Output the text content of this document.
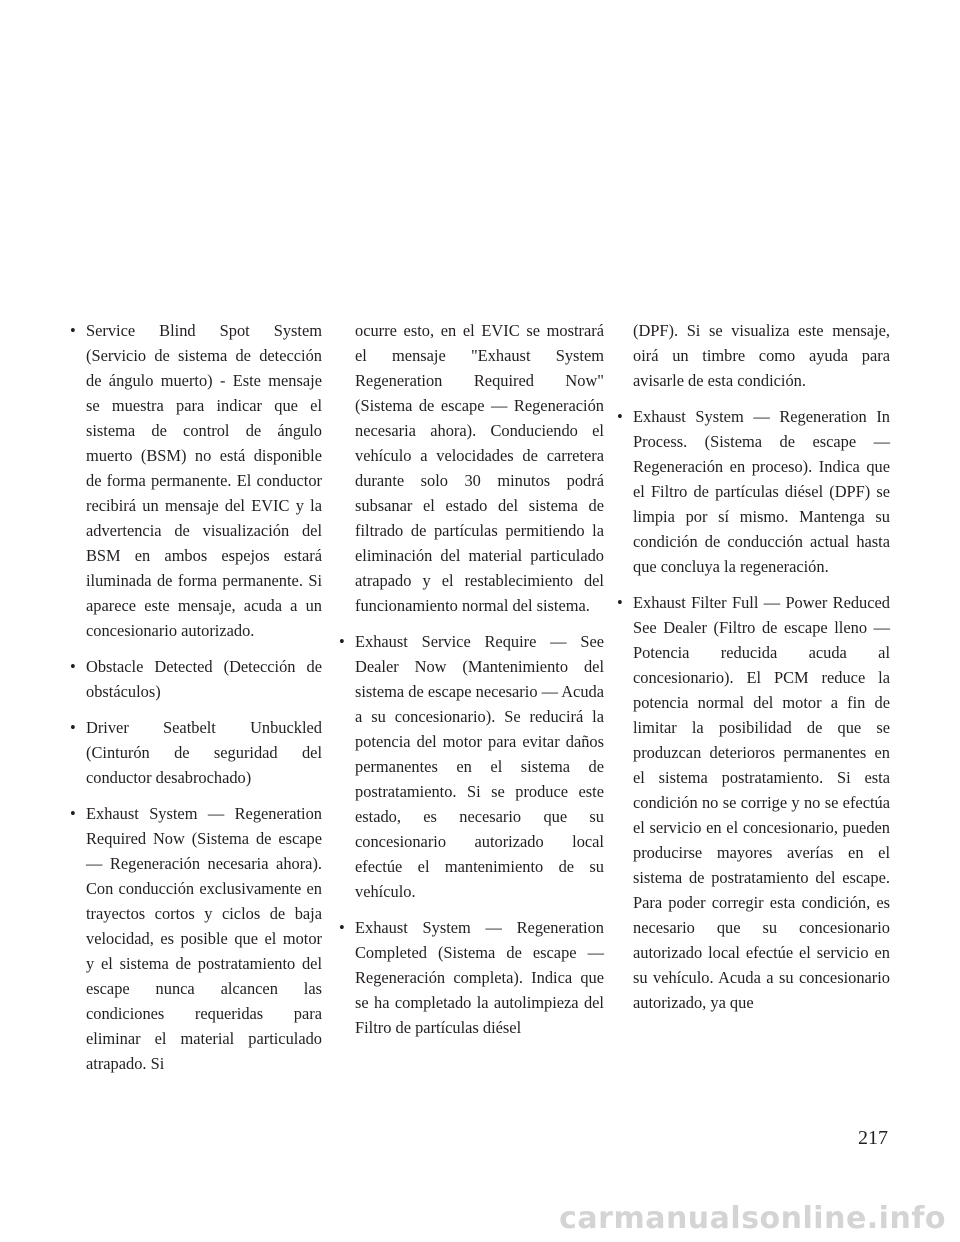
• Service Blind Spot System (Servicio de sistema de detección de ángulo muerto) - Este mensaje se muestra para indicar que el sistema de control de ángulo muerto (BSM) no está disponible de forma permanente. El conductor recibirá un mensaje del EVIC y la advertencia de visualización del BSM en ambos espejos estará iluminada de forma permanente. Si aparece este mensaje, acuda a un concesionario autorizado.
• Obstacle Detected (Detección de obstáculos)
• Driver Seatbelt Unbuckled (Cinturón de seguridad del conductor desabrochado)
• Exhaust System — Regeneration Required Now (Sistema de escape — Regeneración necesaria ahora). Con conducción exclusivamente en trayectos cortos y ciclos de baja velocidad, es posible que el motor y el sistema de postratamiento del escape nunca alcancen las condiciones requeridas para eliminar el material particulado atrapado. Si
ocurre esto, en el EVIC se mostrará el mensaje "Exhaust System Regeneration Required Now" (Sistema de escape — Regeneración necesaria ahora). Conduciendo el vehículo a velocidades de carretera durante solo 30 minutos podrá subsanar el estado del sistema de filtrado de partículas permitiendo la eliminación del material particulado atrapado y el restablecimiento del funcionamiento normal del sistema.
• Exhaust Service Require — See Dealer Now (Mantenimiento del sistema de escape necesario — Acuda a su concesionario). Se reducirá la potencia del motor para evitar daños permanentes en el sistema de postratamiento. Si se produce este estado, es necesario que su concesionario autorizado local efectúe el mantenimiento de su vehículo.
• Exhaust System — Regeneration Completed (Sistema de escape — Regeneración completa). Indica que se ha completado la autolimpieza del Filtro de partículas diésel
(DPF). Si se visualiza este mensaje, oirá un timbre como ayuda para avisarle de esta condición.
• Exhaust System — Regeneration In Process. (Sistema de escape — Regeneración en proceso). Indica que el Filtro de partículas diésel (DPF) se limpia por sí mismo. Mantenga su condición de conducción actual hasta que concluya la regeneración.
• Exhaust Filter Full — Power Reduced See Dealer (Filtro de escape lleno — Potencia reducida acuda al concesionario). El PCM reduce la potencia normal del motor a fin de limitar la posibilidad de que se produzcan deterioros permanentes en el sistema postratamiento. Si esta condición no se corrige y no se efectúa el servicio en el concesionario, pueden producirse mayores averías en el sistema de postratamiento del escape. Para poder corregir esta condición, es necesario que su concesionario autorizado local efectúe el servicio en su vehículo. Acuda a su concesionario autorizado, ya que
217
carmanualsonline.info
